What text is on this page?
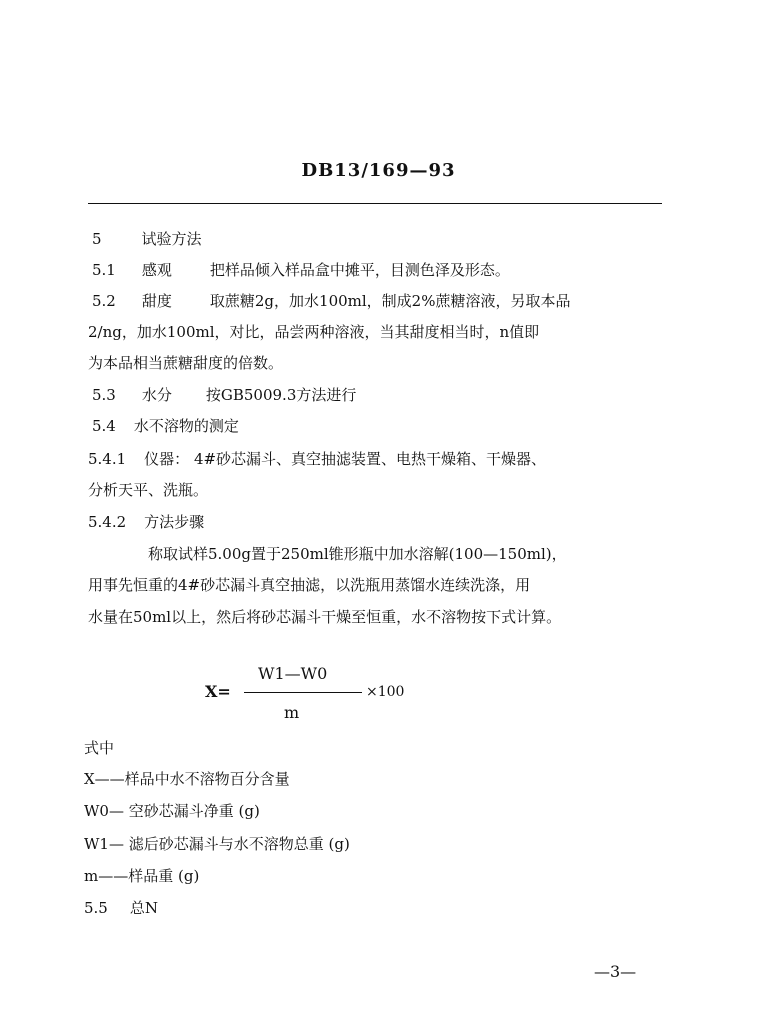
DB13/169—93
5	试验方法
5.1 感观	把样品倾入样品盒中摊平，目测色泽及形态。
5.2 甜度	取蔗糖2g，加水100ml，制成2%蔗糖溶液，另取本品
2/ng，加水100ml，对比，品尝两种溶液，当其甜度相当时，n值即
为本品相当蔗糖甜度的倍数。
5.3 水分 按GB5009.3方法进行
5.4 水不溶物的测定
5.4.1 仪器： 4#砂芯漏斗、真空抽滤装置、电热干燥箱、干燥器、
分析天平、洗瓶。
5.4.2 方法步骤
称取试样5.00g置于250ml锥形瓶中加水溶解(100—150ml)，
用事先恒重的4#砂芯漏斗真空抽滤，以洗瓶用蒸馏水连续洗涤，用
水量在50ml以上，然后将砂芯漏斗干燥至恒重，水不溶物按下式计算。
W1—W0
X=	×100
m
式中
X——样品中水不溶物百分含量
W0— 空砂芯漏斗净重 (g)
W1— 滤后砂芯漏斗与水不溶物总重 (g)
m——样品重 (g)
5.5 总N
—3—
